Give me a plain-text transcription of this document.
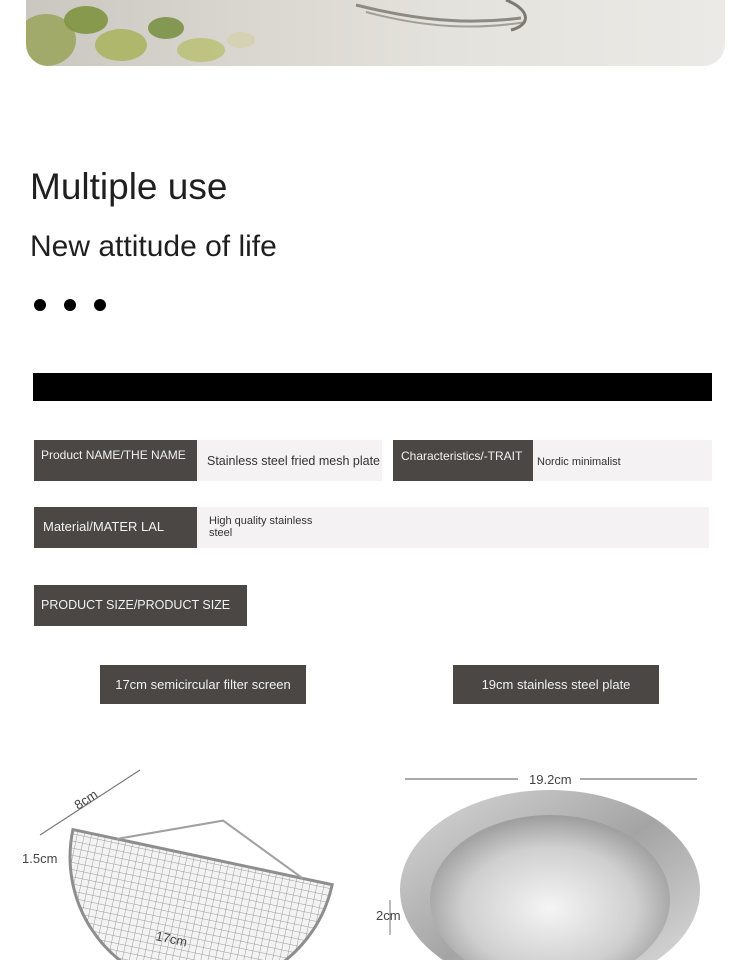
Multiple use
New attitude of life
Product NAME/THE NAME	Stainless steel fried mesh plate	Characteristics/-TRAIT	Nordic minimalist
Material/MATER LAL	High quality stainless steel
PRODUCT SIZE/PRODUCT SIZE
17cm semicircular filter screen	19cm stainless steel plate
8cm
1.5cm
17cm
19.2cm
2cm
